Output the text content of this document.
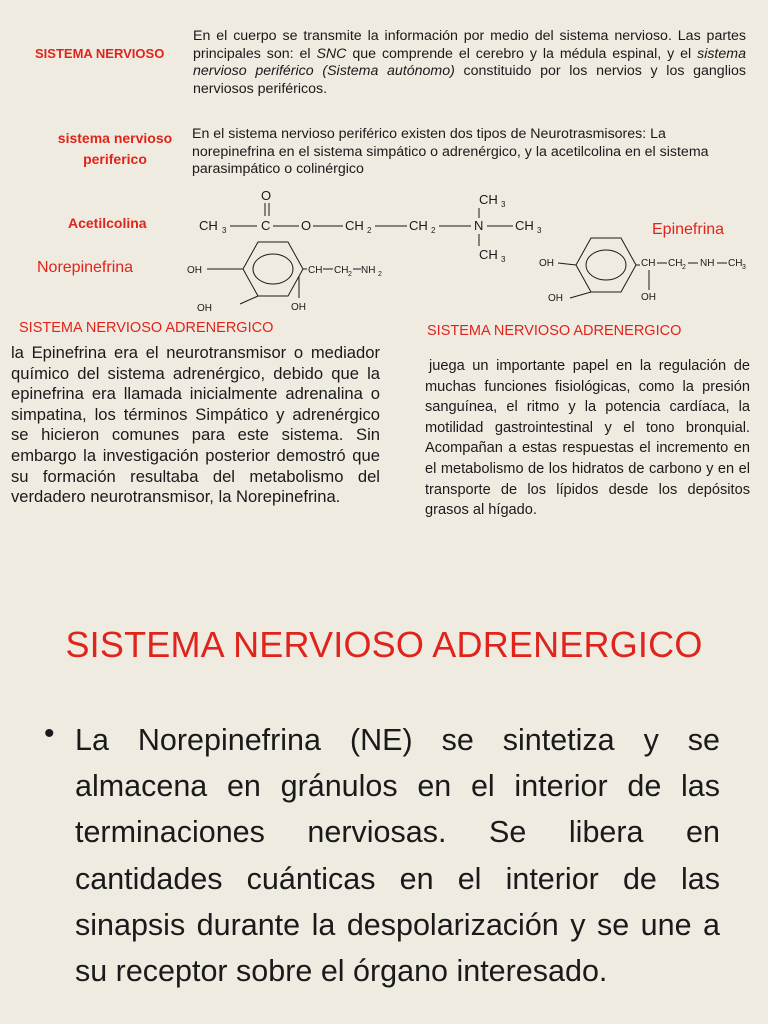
SISTEMA NERVIOSO
En el cuerpo se transmite la información por medio del sistema nervioso. Las partes principales son: el SNC que comprende el cerebro y la médula espinal, y el sistema nervioso periférico (Sistema autónomo) constituido por los nervios y los ganglios nerviosos periféricos.
sistema nervioso
periferico
En el sistema nervioso periférico existen dos tipos de Neurotrasmisores: La norepinefrina en el sistema simpático o adrenérgico, y la acetilcolina en el sistema parasimpático o colinérgico
Acetilcolina
Norepinefrina
Epinefrina
O
CH 3	C O	CH 2	CH 2	N CH 3
CH 3
CH 3
OH
OH
CH CH 2 NH 2
OH
OH
OH
CH CH 2 NH CH 3
OH
SISTEMA NERVIOSO ADRENERGICO
la Epinefrina era el neurotransmisor o mediador químico del sistema adrenérgico, debido que la epinefrina era llamada inicialmente adrenalina o simpatina, los términos Simpático y adrenérgico se hicieron comunes para este sistema. Sin embargo la investigación posterior demostró que su formación resultaba del metabolismo del verdadero neurotransmisor, la Norepinefrina.
SISTEMA NERVIOSO ADRENERGICO
juega un importante papel en la regulación de muchas funciones fisiológicas, como la presión sanguínea, el ritmo y la potencia cardíaca, la motilidad gastrointestinal y el tono bronquial. Acompañan a estas respuestas el incremento en el metabolismo de los hidratos de carbono y en el transporte de los lípidos desde los depósitos grasos al hígado.
SISTEMA NERVIOSO ADRENERGICO
• La Norepinefrina (NE) se sintetiza y se almacena en gránulos en el interior de las terminaciones nerviosas. Se libera en cantidades cuánticas en el interior de las sinapsis durante la despolarización y se une a su receptor sobre el órgano interesado.
